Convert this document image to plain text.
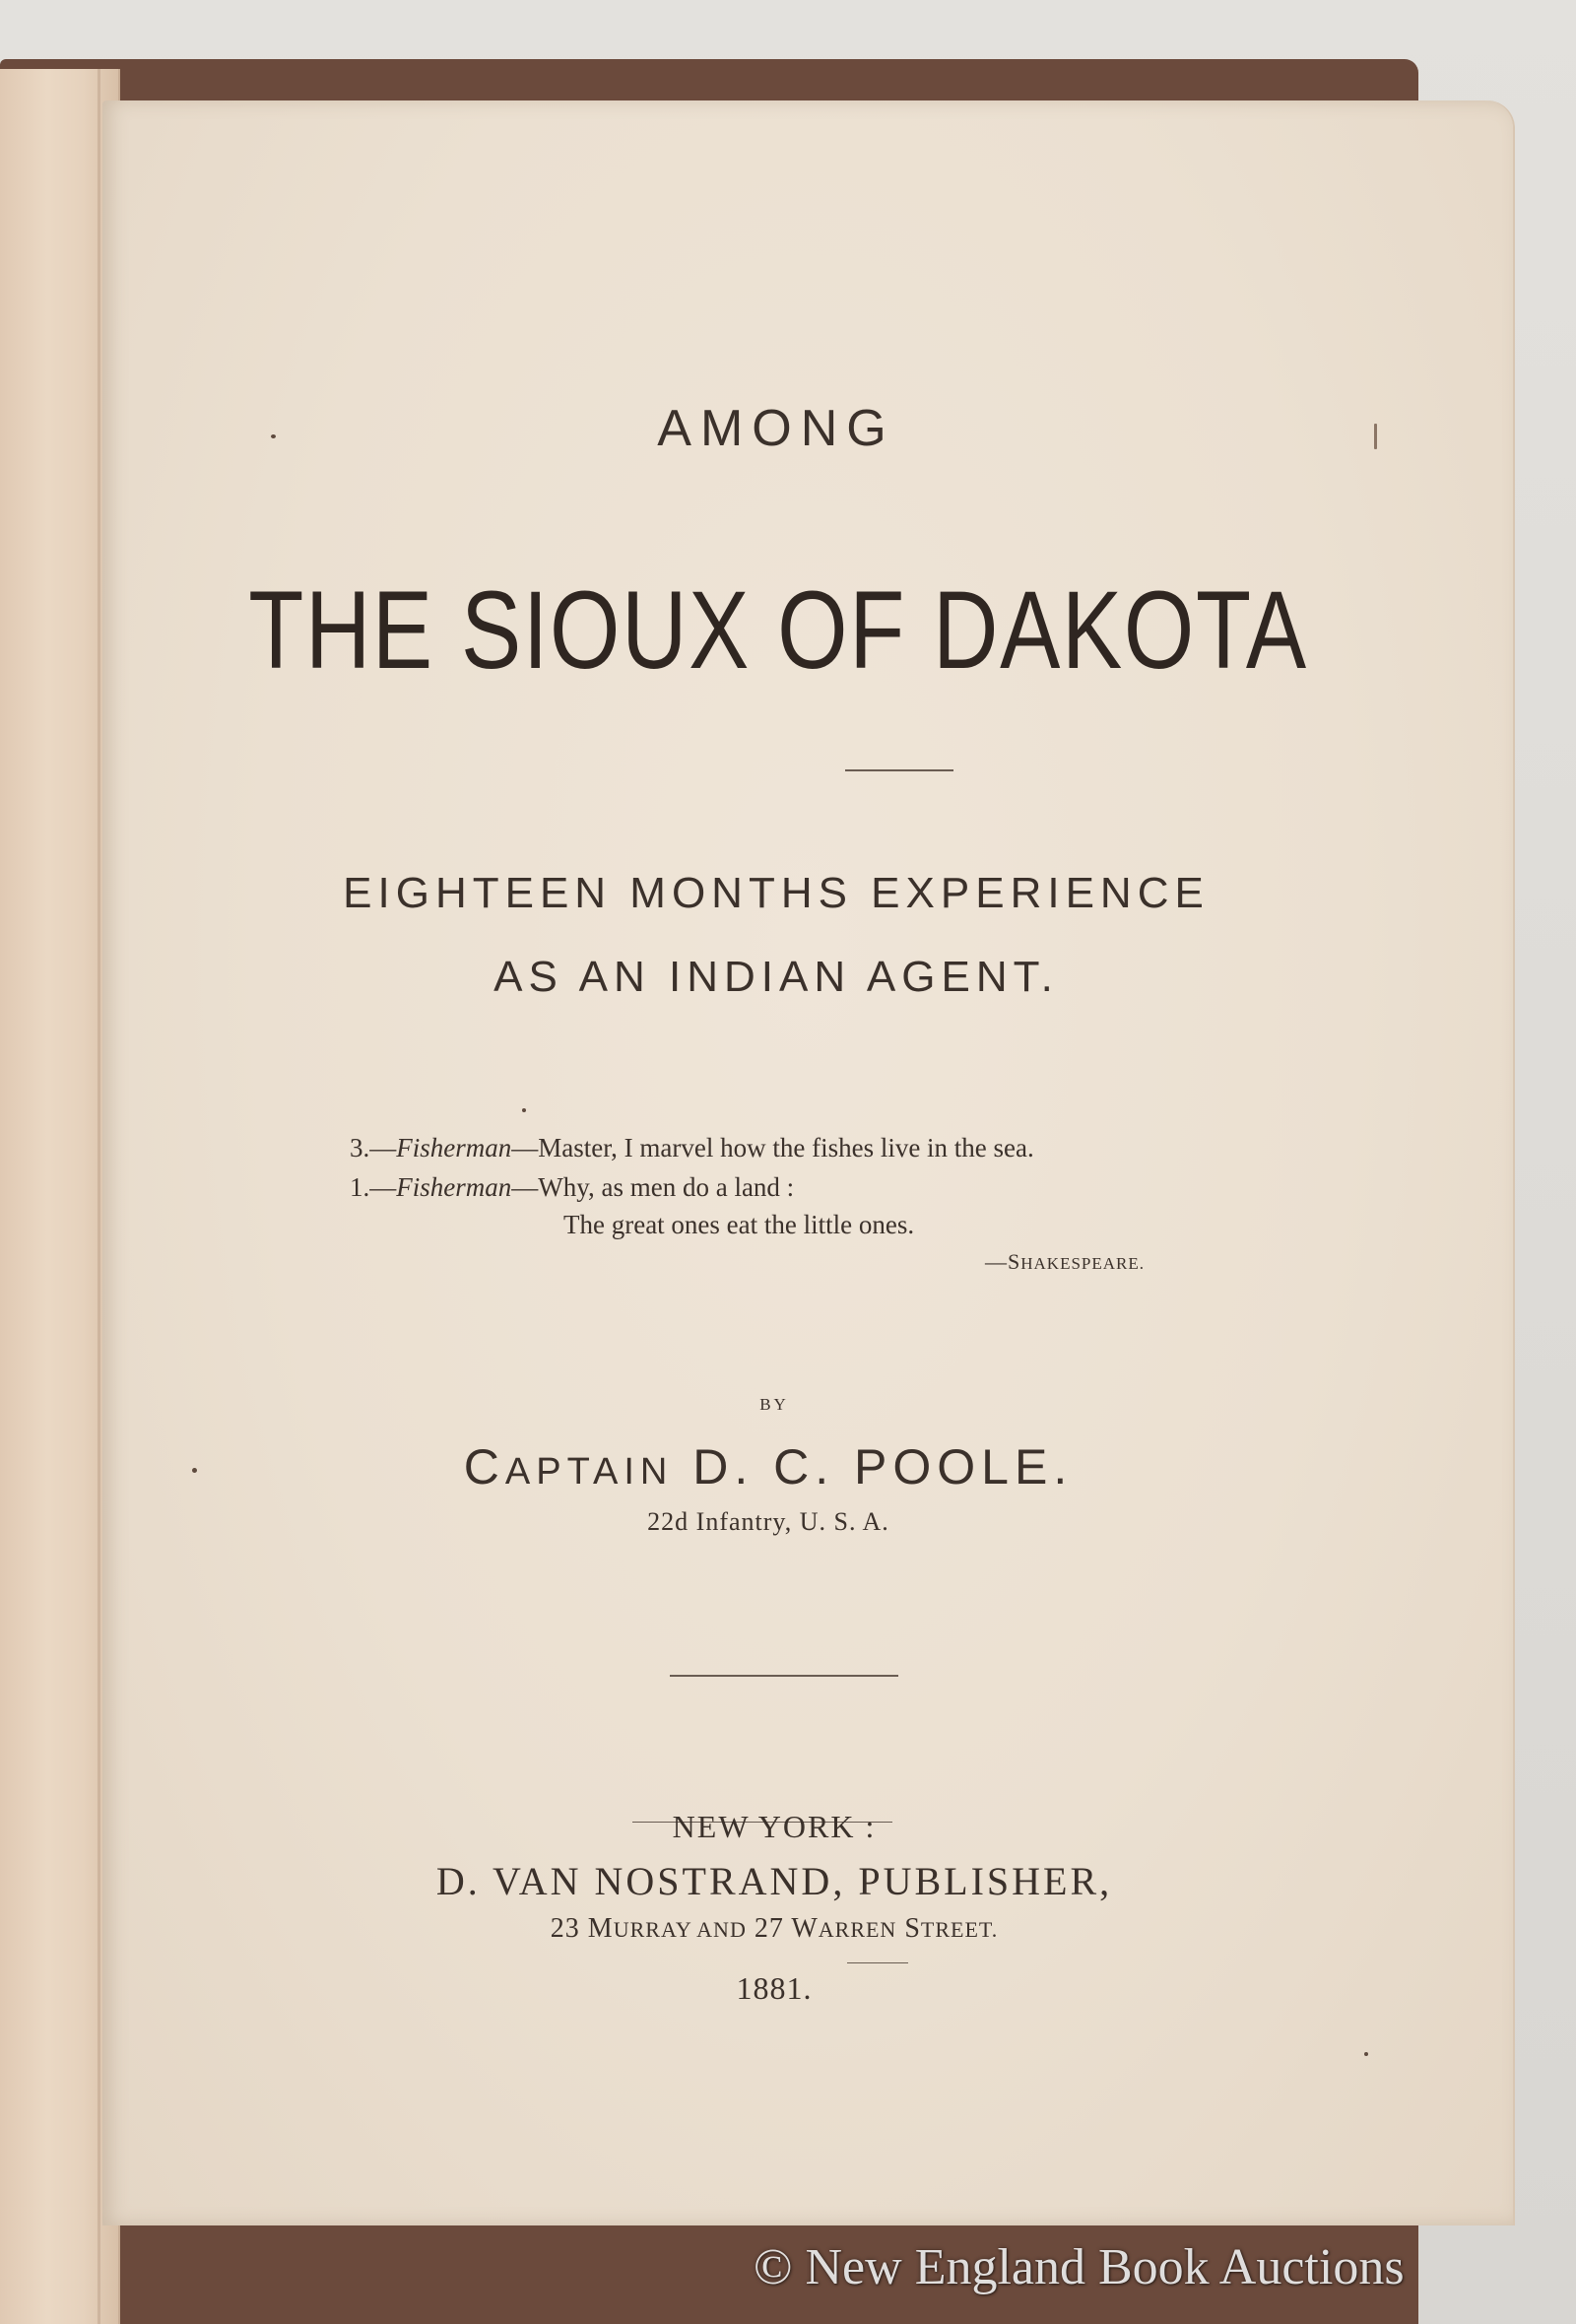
AMONG
THE SIOUX OF DAKOTA
EIGHTEEN MONTHS EXPERIENCE
AS AN INDIAN AGENT.
3.—Fisherman—Master, I marvel how the fishes live in the sea.
1.—Fisherman—Why, as men do a land :
The great ones eat the little ones.
—SHAKESPEARE.
BY
CAPTAIN D. C. POOLE.
22d Infantry, U. S. A.
NEW YORK :
D. VAN NOSTRAND, PUBLISHER,
23 MURRAY AND 27 WARREN STREET.
1881.
© New England Book Auctions
